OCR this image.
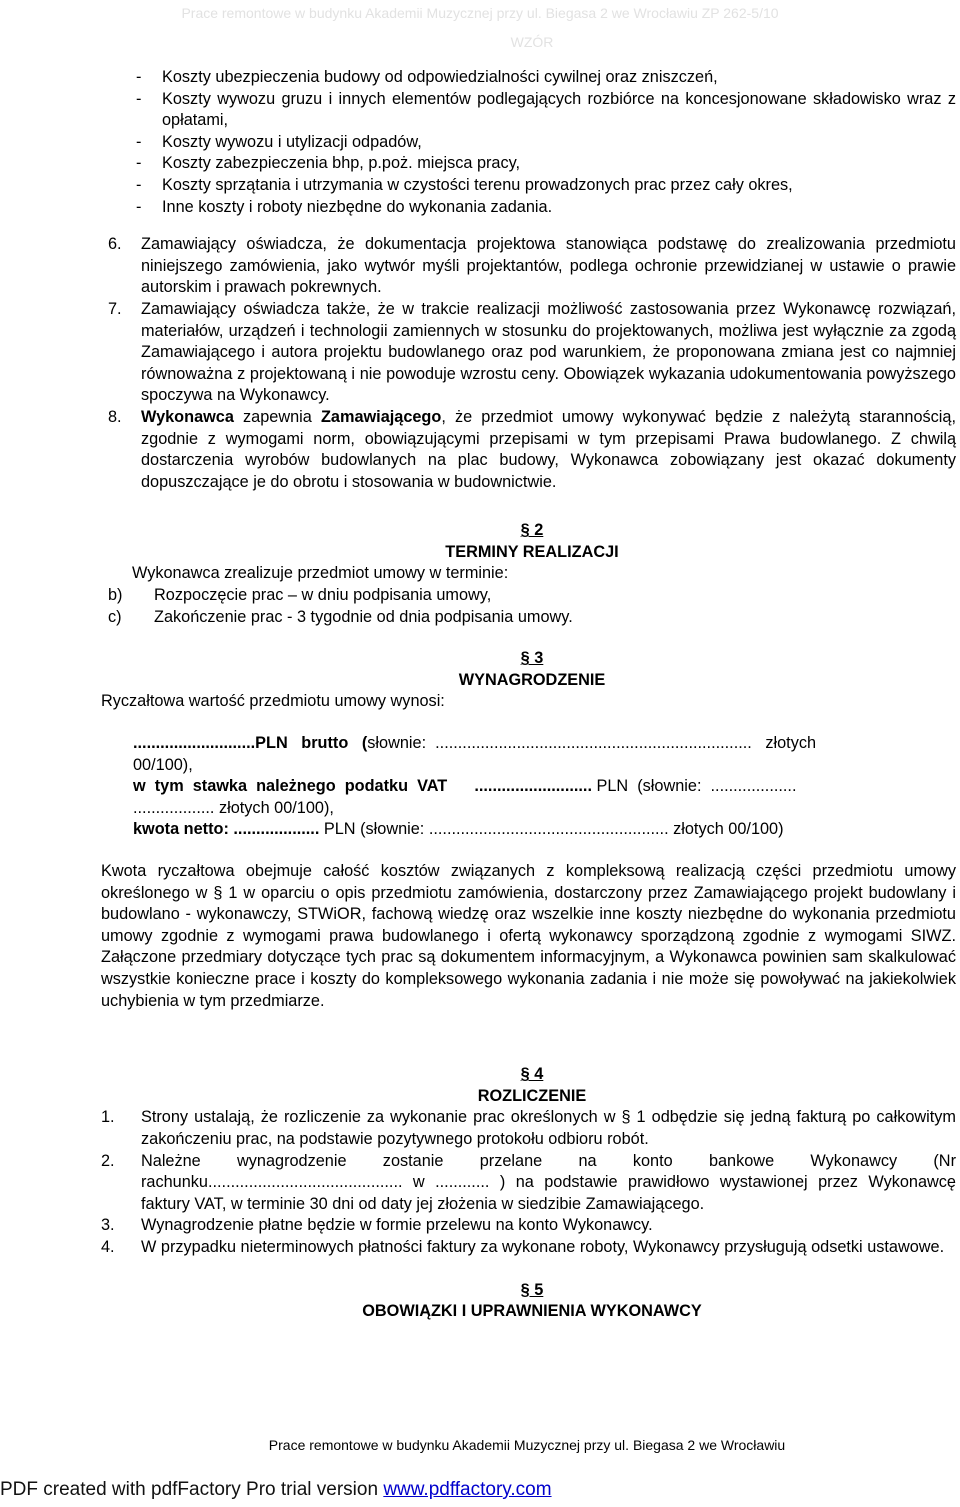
Prace remontowe w budynku Akademii Muzycznej przy ul. Biegasa 2 we Wrocławiu ZP 262-5/10
WZÓR
-	Koszty ubezpieczenia budowy od odpowiedzialności cywilnej oraz zniszczeń,
-	Koszty wywozu gruzu i innych elementów podlegających rozbiórce na koncesjonowane składowisko wraz z opłatami,
-	Koszty wywozu i utylizacji odpadów,
-	Koszty zabezpieczenia bhp, p.poż. miejsca pracy,
-	Koszty sprzątania i utrzymania w czystości terenu prowadzonych prac przez cały okres,
-	Inne koszty i roboty niezbędne do wykonania zadania.
6.	Zamawiający oświadcza, że dokumentacja projektowa stanowiąca podstawę do zrealizowania przedmiotu niniejszego zamówienia, jako wytwór myśli projektantów, podlega ochronie przewidzianej w ustawie o prawie autorskim i prawach pokrewnych.
7.	Zamawiający oświadcza także, że w trakcie realizacji możliwość zastosowania przez Wykonawcę rozwiązań, materiałów, urządzeń i technologii zamiennych w stosunku do projektowanych, możliwa jest wyłącznie za zgodą Zamawiającego i autora projektu budowlanego oraz pod warunkiem, że proponowana zmiana jest co najmniej równoważna z projektowaną i nie powoduje wzrostu ceny. Obowiązek wykazania udokumentowania powyższego spoczywa na Wykonawcy.
8.	Wykonawca zapewnia Zamawiającego, że przedmiot umowy wykonywać będzie z należytą starannością, zgodnie z wymogami norm, obowiązującymi przepisami w tym przepisami Prawa budowlanego. Z chwilą dostarczenia wyrobów budowlanych na plac budowy, Wykonawca zobowiązany jest okazać dokumenty dopuszczające je do obrotu i stosowania w budownictwie.
§ 2
TERMINY REALIZACJI
Wykonawca zrealizuje przedmiot umowy w terminie:
b)	Rozpoczęcie prac – w dniu podpisania umowy,
c)	Zakończenie prac - 3 tygodnie od dnia podpisania umowy.
§ 3
WYNAGRODZENIE
Ryczałtowa wartość przedmiotu umowy wynosi:
...........................PLN   brutto   (słownie:  ......................................................................   złotych
00/100),
w  tym  stawka  należnego  podatku  VAT      .......................... PLN  (słownie:  ...................
.................. złotych 00/100),
kwota netto: ................... PLN (słownie: ..................................................... złotych 00/100)
Kwota ryczałtowa obejmuje całość kosztów związanych z kompleksową realizacją części przedmiotu umowy określonego w § 1 w oparciu o opis przedmiotu zamówienia, dostarczony przez Zamawiającego projekt budowlany i budowlano - wykonawczy, STWiOR, fachową wiedzę oraz wszelkie inne koszty niezbędne do wykonania przedmiotu umowy zgodnie z wymogami prawa budowlanego i ofertą wykonawcy sporządzoną zgodnie z wymogami SIWZ. Załączone przedmiary dotyczące tych prac są dokumentem informacyjnym, a Wykonawca powinien sam skalkulować wszystkie konieczne prace i koszty do kompleksowego wykonania zadania i nie może się powoływać na jakiekolwiek uchybienia w tym przedmiarze.
§ 4
ROZLICZENIE
1.	Strony ustalają, że rozliczenie za wykonanie prac określonych w § 1 odbędzie się jedną fakturą po całkowitym zakończeniu prac, na podstawie pozytywnego protokołu odbioru robót.
2.	Należne wynagrodzenie zostanie przelane na konto bankowe Wykonawcy (Nr rachunku........................................... w ............ ) na podstawie prawidłowo wystawionej przez Wykonawcę faktury VAT, w terminie 30 dni od daty jej złożenia w siedzibie Zamawiającego.
3.	Wynagrodzenie płatne będzie w formie przelewu na konto Wykonawcy.
4.	W przypadku nieterminowych płatności faktury za wykonane roboty, Wykonawcy przysługują odsetki ustawowe.
§ 5
OBOWIĄZKI I UPRAWNIENIA WYKONAWCY
Prace remontowe w budynku Akademii Muzycznej przy ul. Biegasa 2 we Wrocławiu
PDF created with pdfFactory Pro trial version www.pdffactory.com
